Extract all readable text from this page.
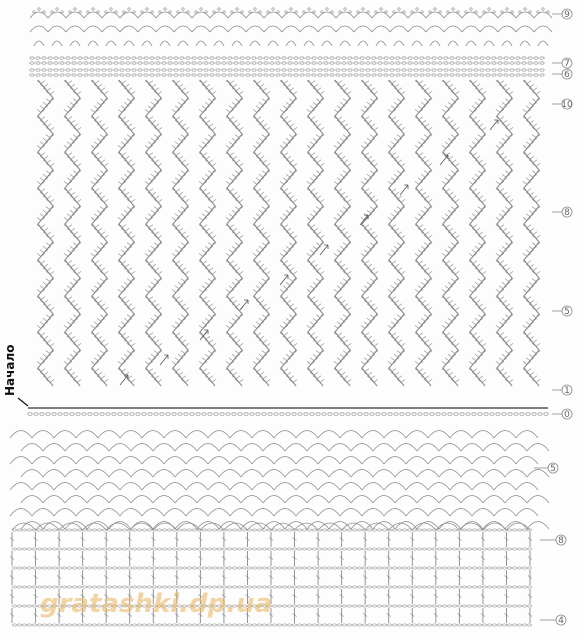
9
7
6
10
8
5
1
0
5
8
4
Начало
gratashki.dp.ua
